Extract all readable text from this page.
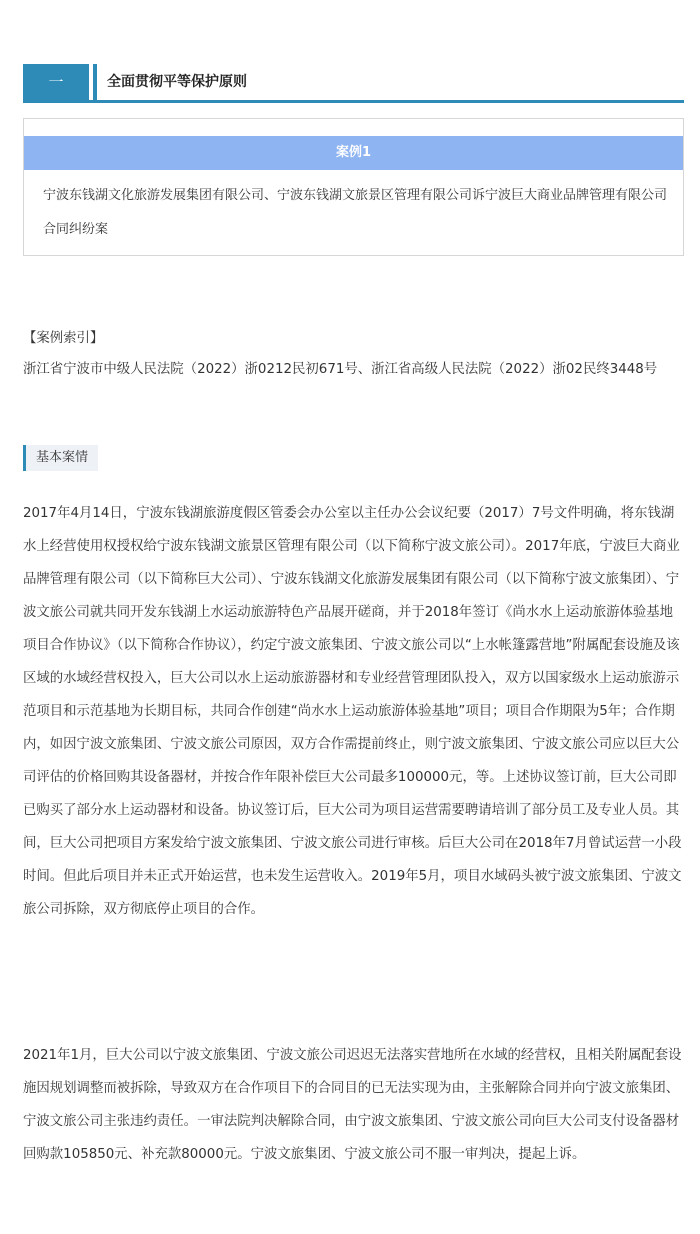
一	全面贯彻平等保护原则
案例1
宁波东钱湖文化旅游发展集团有限公司、宁波东钱湖文旅景区管理有限公司诉宁波巨大商业品牌管理有限公司合同纠纷案

【案例索引】

浙江省宁波市中级人民法院（2022）浙0212民初671号、浙江省高级人民法院（2022）浙02民终3448号

基本案情

2017年4月14日，宁波东钱湖旅游度假区管委会办公室以主任办公会议纪要（2017）7号文件明确，将东钱湖水上经营使用权授权给宁波东钱湖文旅景区管理有限公司（以下简称宁波文旅公司）。2017年底，宁波巨大商业品牌管理有限公司（以下简称巨大公司）、宁波东钱湖文化旅游发展集团有限公司（以下简称宁波文旅集团）、宁波文旅公司就共同开发东钱湖上水运动旅游特色产品展开磋商，并于2018年签订《尚水水上运动旅游体验基地项目合作协议》（以下简称合作协议），约定宁波文旅集团、宁波文旅公司以“上水帐篷露营地”附属配套设施及该区域的水域经营权投入，巨大公司以水上运动旅游器材和专业经营管理团队投入，双方以国家级水上运动旅游示范项目和示范基地为长期目标，共同合作创建“尚水水上运动旅游体验基地”项目；项目合作期限为5年；合作期内，如因宁波文旅集团、宁波文旅公司原因，双方合作需提前终止，则宁波文旅集团、宁波文旅公司应以巨大公司评估的价格回购其设备器材，并按合作年限补偿巨大公司最多100000元，等。上述协议签订前，巨大公司即已购买了部分水上运动器材和设备。协议签订后，巨大公司为项目运营需要聘请培训了部分员工及专业人员。其间，巨大公司把项目方案发给宁波文旅集团、宁波文旅公司进行审核。后巨大公司在2018年7月曾试运营一小段时间。但此后项目并未正式开始运营，也未发生运营收入。2019年5月，项目水域码头被宁波文旅集团、宁波文旅公司拆除，双方彻底停止项目的合作。

2021年1月，巨大公司以宁波文旅集团、宁波文旅公司迟迟无法落实营地所在水域的经营权，且相关附属配套设施因规划调整而被拆除，导致双方在合作项目下的合同目的已无法实现为由，主张解除合同并向宁波文旅集团、宁波文旅公司主张违约责任。一审法院判决解除合同，由宁波文旅集团、宁波文旅公司向巨大公司支付设备器材回购款105850元、补充款80000元。宁波文旅集团、宁波文旅公司不服一审判决，提起上诉。
